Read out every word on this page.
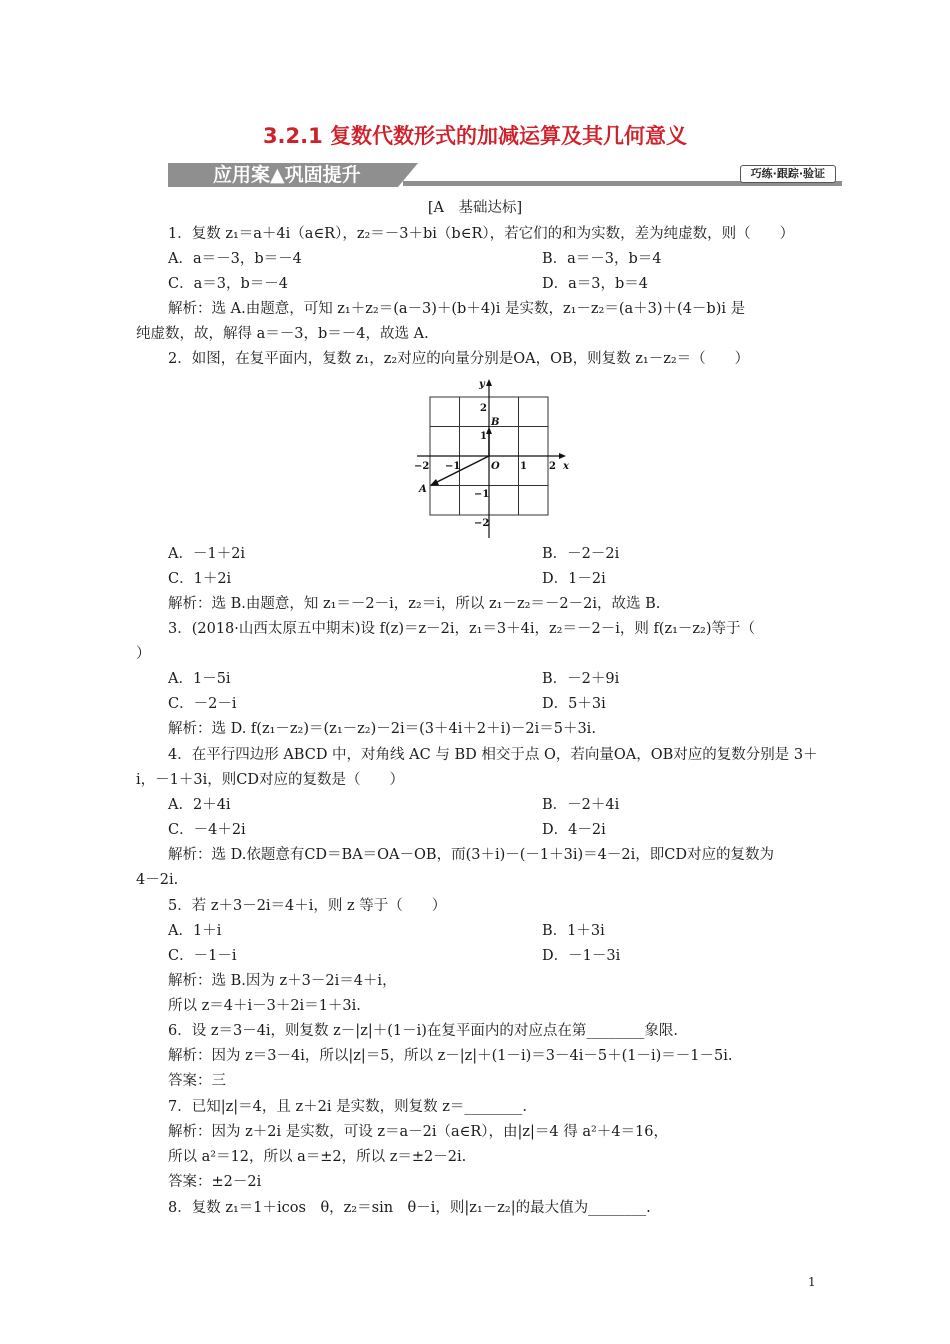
3.2.1 复数代数形式的加减运算及其几何意义
应用案▲巩固提升	巧练·跟踪·验证
[A　基础达标]
1．复数 z₁＝a＋4i（a∈R），z₂＝－3＋bi（b∈R），若它们的和为实数，差为纯虚数，则（　　）
A．a＝－3，b＝－4	B．a＝－3，b＝4
C．a＝3，b＝－4	D．a＝3，b＝4
解析：选 A.由题意，可知 z₁＋z₂＝(a－3)＋(b＋4)i 是实数，z₁－z₂＝(a＋3)＋(4－b)i 是
纯虚数，故，解得 a＝－3，b＝－4，故选 A.
2．如图，在复平面内，复数 z₁，z₂对应的向量分别是OA，OB，则复数 z₁－z₂＝（　　）
y
x
O
−2 −1	1 2
2
1
−1
−2
A
B
A．－1＋2i	B．－2－2i
C．1＋2i	D．1－2i
解析：选 B.由题意，知 z₁＝－2－i，z₂＝i，所以 z₁－z₂＝－2－2i，故选 B.
3．(2018·山西太原五中期末)设 f(z)＝z－2i，z₁＝3＋4i，z₂＝－2－i，则 f(z₁－z₂)等于（
）
A．1－5i	B．－2＋9i
C．－2－i	D．5＋3i
解析：选 D. f(z₁－z₂)＝(z₁－z₂)－2i＝(3＋4i＋2＋i)－2i＝5＋3i.
4．在平行四边形 ABCD 中，对角线 AC 与 BD 相交于点 O，若向量OA，OB对应的复数分别是 3＋
i，－1＋3i，则CD对应的复数是（　　）
A．2＋4i	B．－2＋4i
C．－4＋2i	D．4－2i
解析：选 D.依题意有CD＝BA＝OA－OB，而(3＋i)－(－1＋3i)＝4－2i，即CD对应的复数为
4－2i.
5．若 z＋3－2i＝4＋i，则 z 等于（　　）
A．1＋i	B．1＋3i
C．－1－i	D．－1－3i
解析：选 B.因为 z＋3－2i＝4＋i，
所以 z＝4＋i－3＋2i＝1＋3i.
6．设 z＝3－4i，则复数 z－|z|＋(1－i)在复平面内的对应点在第________象限.
解析：因为 z＝3－4i，所以|z|＝5，所以 z－|z|＋(1－i)＝3－4i－5＋(1－i)＝－1－5i.
答案：三
7．已知|z|＝4，且 z＋2i 是实数，则复数 z＝________.
解析：因为 z＋2i 是实数，可设 z＝a－2i（a∈R），由|z|＝4 得 a²＋4＝16，
所以 a²＝12，所以 a＝±2，所以 z＝±2－2i.
答案：±2－2i
8．复数 z₁＝1＋icos　θ，z₂＝sin　θ－i，则|z₁－z₂|的最大值为________.
1
